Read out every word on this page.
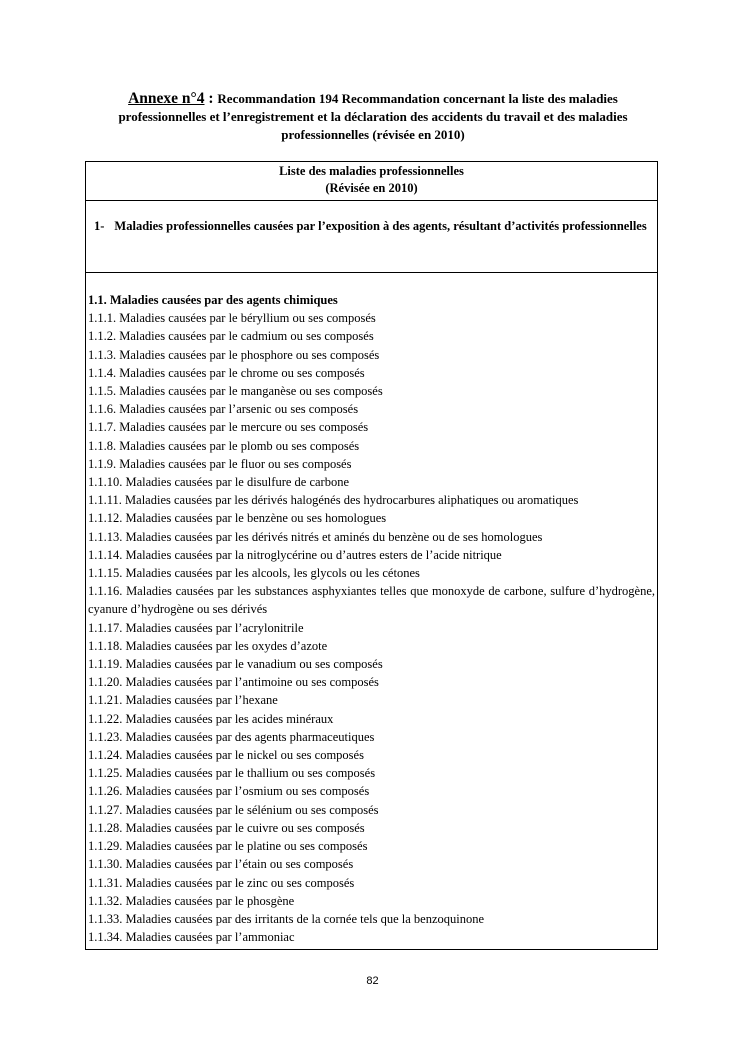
Annexe n°4 : Recommandation 194 Recommandation concernant la liste des maladies professionnelles et l’enregistrement et la déclaration des accidents du travail et des maladies professionnelles (révisée en 2010)
Liste des maladies professionnelles
(Révisée en 2010)
1- Maladies professionnelles causées par l’exposition à des agents, résultant d’activités professionnelles
1.1. Maladies causées par des agents chimiques
1.1.1. Maladies causées par le béryllium ou ses composés
1.1.2. Maladies causées par le cadmium ou ses composés
1.1.3. Maladies causées par le phosphore ou ses composés
1.1.4. Maladies causées par le chrome ou ses composés
1.1.5. Maladies causées par le manganèse ou ses composés
1.1.6. Maladies causées par l’arsenic ou ses composés
1.1.7. Maladies causées par le mercure ou ses composés
1.1.8. Maladies causées par le plomb ou ses composés
1.1.9. Maladies causées par le fluor ou ses composés
1.1.10. Maladies causées par le disulfure de carbone
1.1.11. Maladies causées par les dérivés halogénés des hydrocarbures aliphatiques ou aromatiques
1.1.12. Maladies causées par le benzène ou ses homologues
1.1.13. Maladies causées par les dérivés nitrés et aminés du benzène ou de ses homologues
1.1.14. Maladies causées par la nitroglycérine ou d’autres esters de l’acide nitrique
1.1.15. Maladies causées par les alcools, les glycols ou les cétones
1.1.16. Maladies causées par les substances asphyxiantes telles que monoxyde de carbone, sulfure d’hydrogène, cyanure d’hydrogène ou ses dérivés
1.1.17. Maladies causées par l’acrylonitrile
1.1.18. Maladies causées par les oxydes d’azote
1.1.19. Maladies causées par le vanadium ou ses composés
1.1.20. Maladies causées par l’antimoine ou ses composés
1.1.21. Maladies causées par l’hexane
1.1.22. Maladies causées par les acides minéraux
1.1.23. Maladies causées par des agents pharmaceutiques
1.1.24. Maladies causées par le nickel ou ses composés
1.1.25. Maladies causées par le thallium ou ses composés
1.1.26. Maladies causées par l’osmium ou ses composés
1.1.27. Maladies causées par le sélénium ou ses composés
1.1.28. Maladies causées par le cuivre ou ses composés
1.1.29. Maladies causées par le platine ou ses composés
1.1.30. Maladies causées par l’étain ou ses composés
1.1.31. Maladies causées par le zinc ou ses composés
1.1.32. Maladies causées par le phosgène
1.1.33. Maladies causées par des irritants de la cornée tels que la benzoquinone
1.1.34. Maladies causées par l’ammoniac
82
